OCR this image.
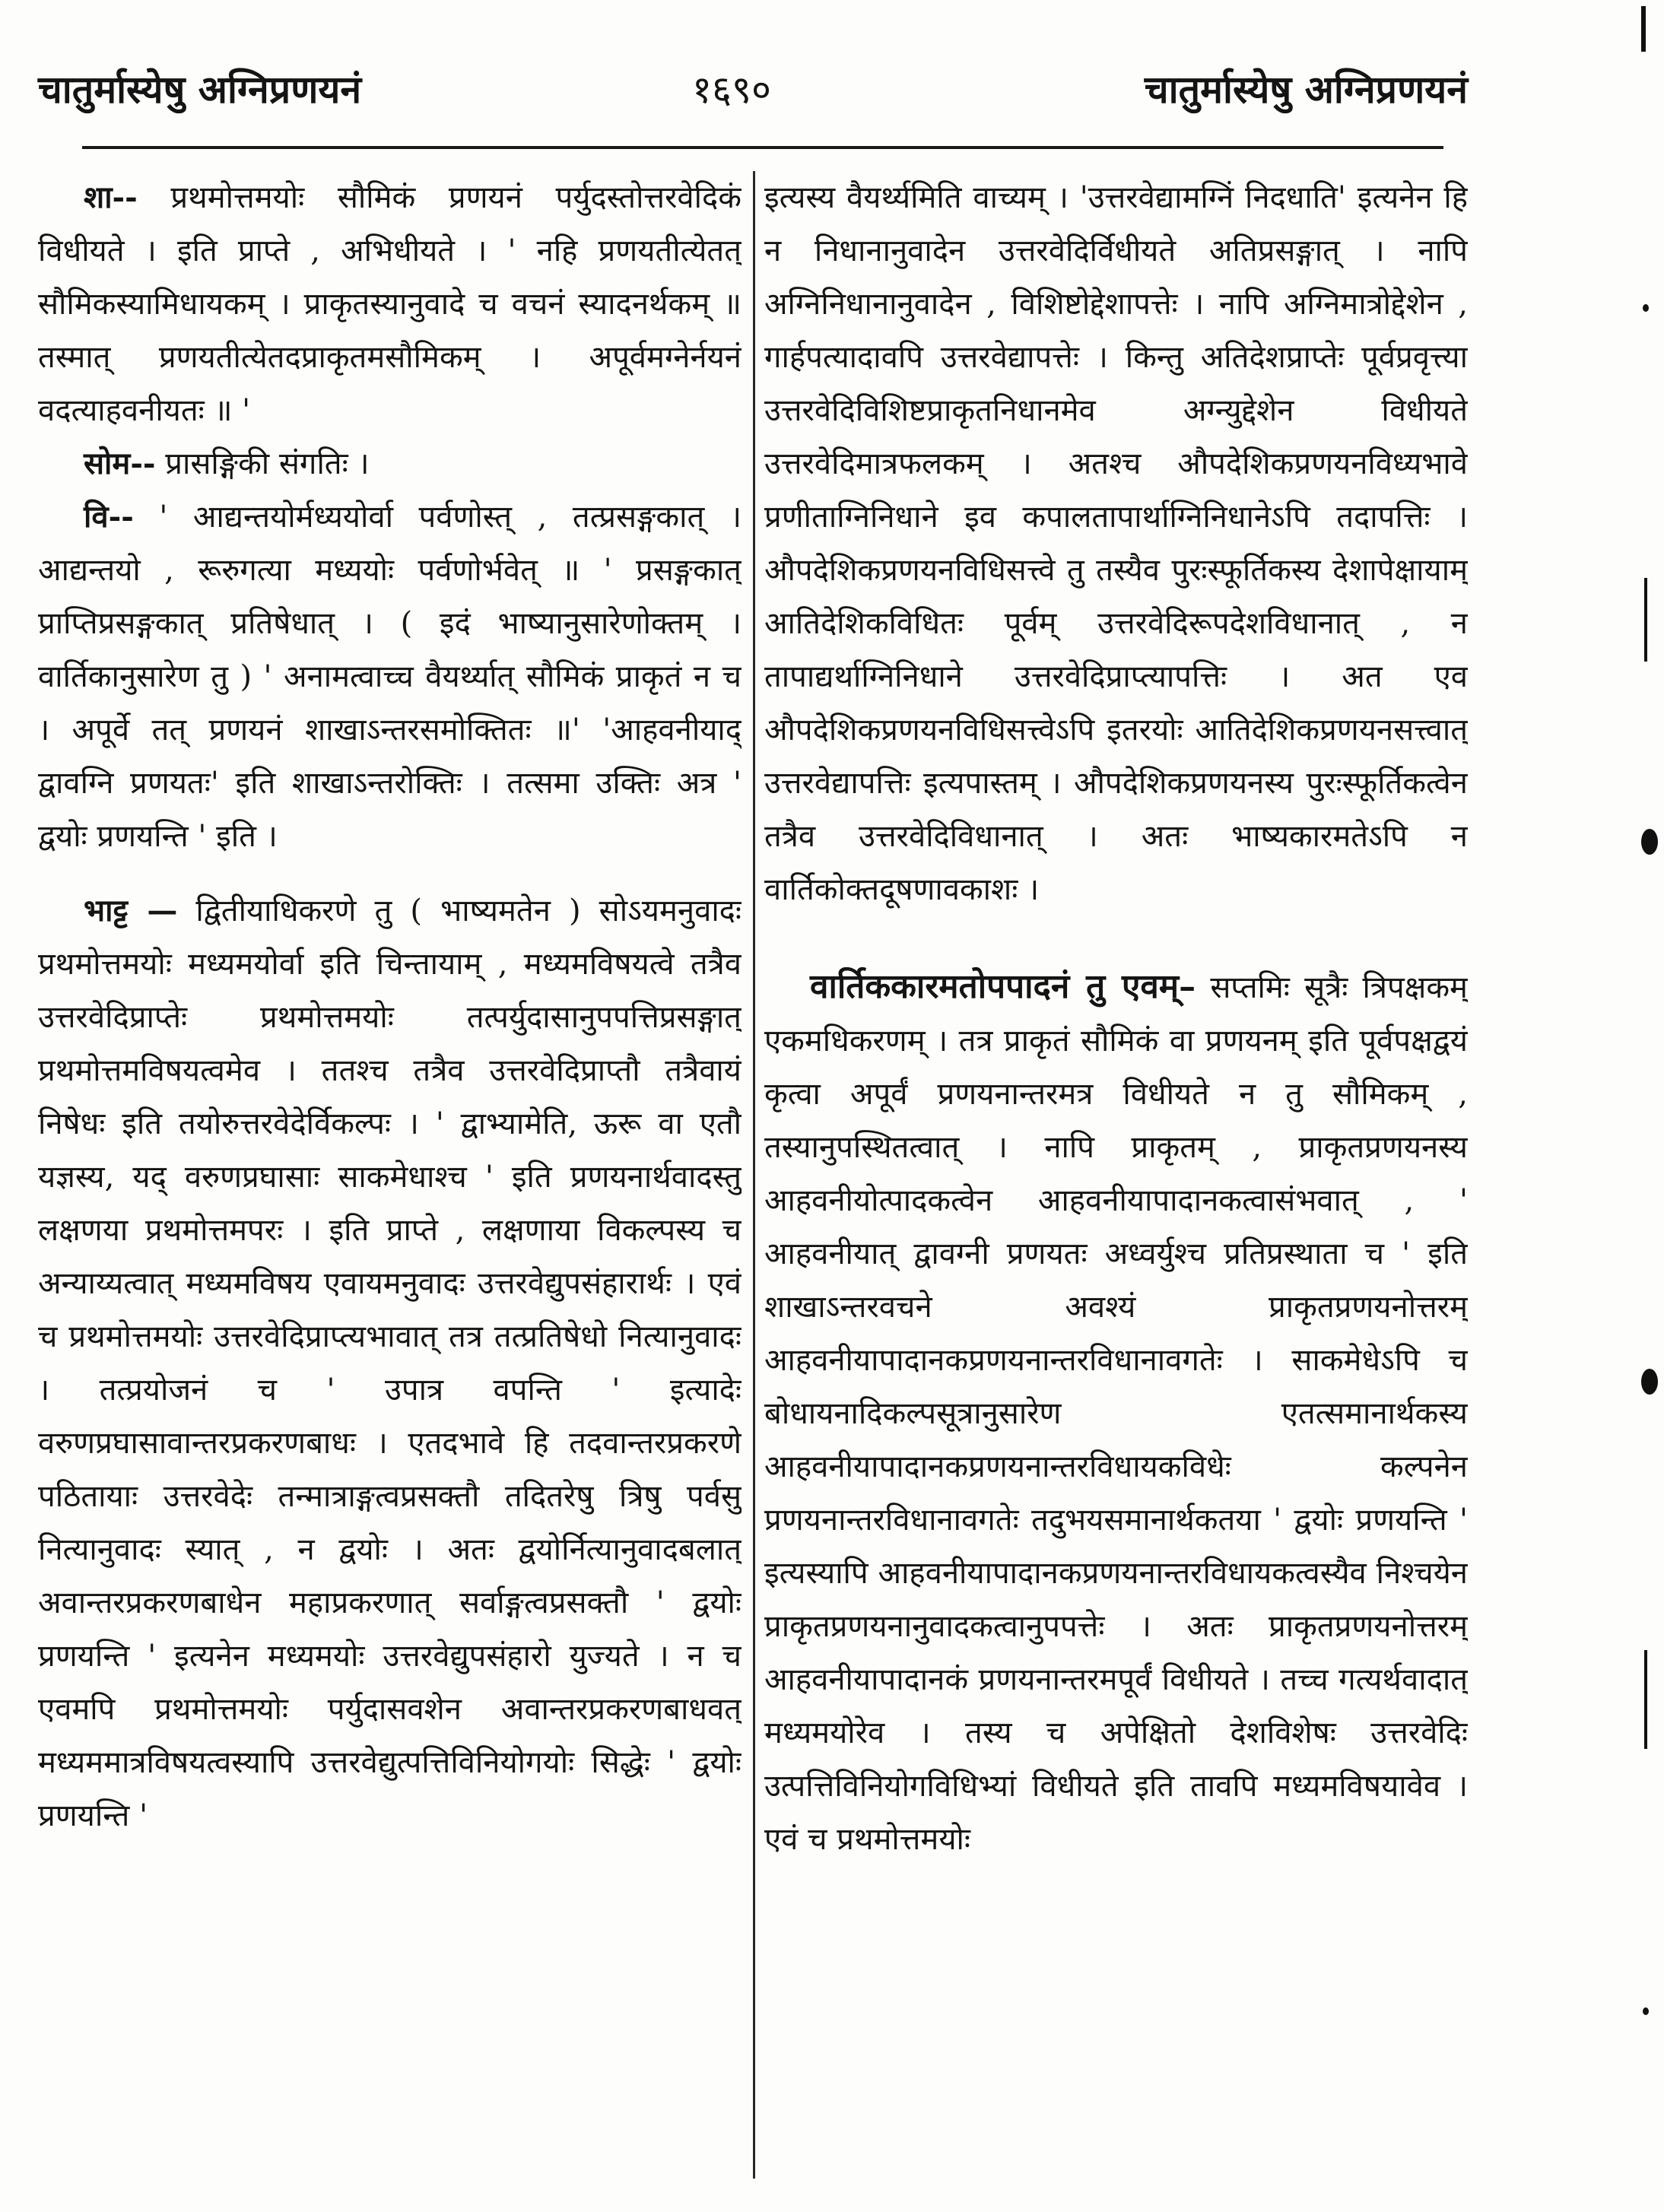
चातुर्मास्येषु अग्निप्रणयनं	१६९०	चातुर्मास्येषु अग्निप्रणयनं

शा-- प्रथमोत्तमयोः सौमिकं प्रणयनं पर्युदस्तोत्तरवेदिकं विधीयते । इति प्राप्ते , अभिधीयते । ' नहि प्रणयतीत्येतत् सौमिकस्यामिधायकम् । प्राकृतस्यानुवादे च वचनं स्यादनर्थकम् ॥ तस्मात् प्रणयतीत्येतदप्राकृतमसौमिकम् । अपूर्वमग्नेर्नयनं वदत्याहवनीयतः ॥ '

सोम-- प्रासङ्गिकी संगतिः ।

वि-- ' आद्यन्तयोर्मध्ययोर्वा पर्वणोस्त् , तत्प्रसङ्गकात् । आद्यन्तयो , रूरुगत्या मध्ययोः पर्वणोर्भवेत् ॥ ' प्रसङ्गकात् प्राप्तिप्रसङ्गकात् प्रतिषेधात् । ( इदं भाष्यानुसारेणोक्तम् । वार्तिकानुसारेण तु ) ' अनामत्वाच्च वैयर्थ्यात् सौमिकं प्राकृतं न च । अपूर्वे तत् प्रणयनं शाखाऽन्तरसमोक्तितः ॥' 'आहवनीयाद् द्वावग्नि प्रणयतः' इति शाखाऽन्तरोक्तिः । तत्समा उक्तिः अत्र ' द्वयोः प्रणयन्ति ' इति ।

भाट्ट — द्वितीयाधिकरणे तु ( भाष्यमतेन ) सोऽयमनुवादः प्रथमोत्तमयोः मध्यमयोर्वा इति चिन्तायाम् , मध्यमविषयत्वे तत्रैव उत्तरवेदिप्राप्तेः प्रथमोत्तमयोः तत्पर्युदासानुपपत्तिप्रसङ्गात् प्रथमोत्तमविषयत्वमेव । ततश्च तत्रैव उत्तरवेदिप्राप्तौ तत्रैवायं निषेधः इति तयोरुत्तरवेदेर्विकल्पः । ' द्वाभ्यामेति, ऊरू वा एतौ यज्ञस्य, यद् वरुणप्रघासाः साकमेधाश्च ' इति प्रणयनार्थवादस्तु लक्षणया प्रथमोत्तमपरः । इति प्राप्ते , लक्षणाया विकल्पस्य च अन्याय्यत्वात् मध्यमविषय एवायमनुवादः उत्तरवेद्युपसंहारार्थः । एवं च प्रथमोत्तमयोः उत्तरवेदिप्राप्त्यभावात् तत्र तत्प्रतिषेधो नित्यानुवादः । तत्प्रयोजनं च ' उपात्र वपन्ति ' इत्यादेः वरुणप्रघासावान्तरप्रकरणबाधः । एतदभावे हि तदवान्तरप्रकरणे पठितायाः उत्तरवेदेः तन्मात्राङ्गत्वप्रसक्तौ तदितरेषु त्रिषु पर्वसु नित्यानुवादः स्यात् , न द्वयोः । अतः द्वयोर्नित्यानुवादबलात् अवान्तरप्रकरणबाधेन महाप्रकरणात् सर्वाङ्गत्वप्रसक्तौ ' द्वयोः प्रणयन्ति ' इत्यनेन मध्यमयोः उत्तरवेद्युपसंहारो युज्यते । न च एवमपि प्रथमोत्तमयोः पर्युदासवशेन अवान्तरप्रकरणबाधवत् मध्यममात्रविषयत्वस्यापि उत्तरवेद्युत्पत्तिविनियोगयोः सिद्धेः ' द्वयोः प्रणयन्ति '

इत्यस्य वैयर्थ्यमिति वाच्यम् । 'उत्तरवेद्यामग्निं निदधाति' इत्यनेन हि न निधानानुवादेन उत्तरवेदिर्विधीयते अतिप्रसङ्गात् । नापि अग्निनिधानानुवादेन , विशिष्टोद्देशापत्तेः । नापि अग्निमात्रोद्देशेन , गार्हपत्यादावपि उत्तरवेद्यापत्तेः । किन्तु अतिदेशप्राप्तेः पूर्वप्रवृत्त्या उत्तरवेदिविशिष्टप्राकृतनिधानमेव अग्न्युद्देशेन विधीयते उत्तरवेदिमात्रफलकम् । अतश्च औपदेशिकप्रणयनविध्यभावे प्रणीताग्निनिधाने इव कपालतापार्थाग्निनिधानेऽपि तदापत्तिः । औपदेशिकप्रणयनविधिसत्त्वे तु तस्यैव पुरःस्फूर्तिकस्य देशापेक्षायाम् आतिदेशिकविधितः पूर्वम् उत्तरवेदिरूपदेशविधानात् , न तापाद्यर्थाग्निनिधाने उत्तरवेदिप्राप्त्यापत्तिः । अत एव औपदेशिकप्रणयनविधिसत्त्वेऽपि इतरयोः आतिदेशिकप्रणयनसत्त्वात् उत्तरवेद्यापत्तिः इत्यपास्तम् । औपदेशिकप्रणयनस्य पुरःस्फूर्तिकत्वेन तत्रैव उत्तरवेदिविधानात् । अतः भाष्यकारमतेऽपि न वार्तिकोक्तदूषणावकाशः ।

वार्तिककारमतोपपादनं तु एवम्– सप्तमिः सूत्रैः त्रिपक्षकम् एकमधिकरणम् । तत्र प्राकृतं सौमिकं वा प्रणयनम् इति पूर्वपक्षद्वयं कृत्वा अपूर्वं प्रणयनान्तरमत्र विधीयते न तु सौमिकम् , तस्यानुपस्थितत्वात् । नापि प्राकृतम् , प्राकृतप्रणयनस्य आहवनीयोत्पादकत्वेन आहवनीयापादानकत्वासंभवात् , ' आहवनीयात् द्वावग्नी प्रणयतः अध्वर्युश्च प्रतिप्रस्थाता च ' इति शाखाऽन्तरवचने अवश्यं प्राकृतप्रणयनोत्तरम् आहवनीयापादानकप्रणयनान्तरविधानावगतेः । साकमेधेऽपि च बोधायनादिकल्पसूत्रानुसारेण एतत्समानार्थकस्य आहवनीयापादानकप्रणयनान्तरविधायकविधेः कल्पनेन प्रणयनान्तरविधानावगतेः तदुभयसमानार्थकतया ' द्वयोः प्रणयन्ति ' इत्यस्यापि आहवनीयापादानकप्रणयनान्तरविधायकत्वस्यैव निश्चयेन प्राकृतप्रणयनानुवादकत्वानुपपत्तेः । अतः प्राकृतप्रणयनोत्तरम् आहवनीयापादानकं प्रणयनान्तरमपूर्वं विधीयते । तच्च गत्यर्थवादात् मध्यमयोरेव । तस्य च अपेक्षितो देशविशेषः उत्तरवेदिः उत्पत्तिविनियोगविधिभ्यां विधीयते इति तावपि मध्यमविषयावेव । एवं च प्रथमोत्तमयोः
